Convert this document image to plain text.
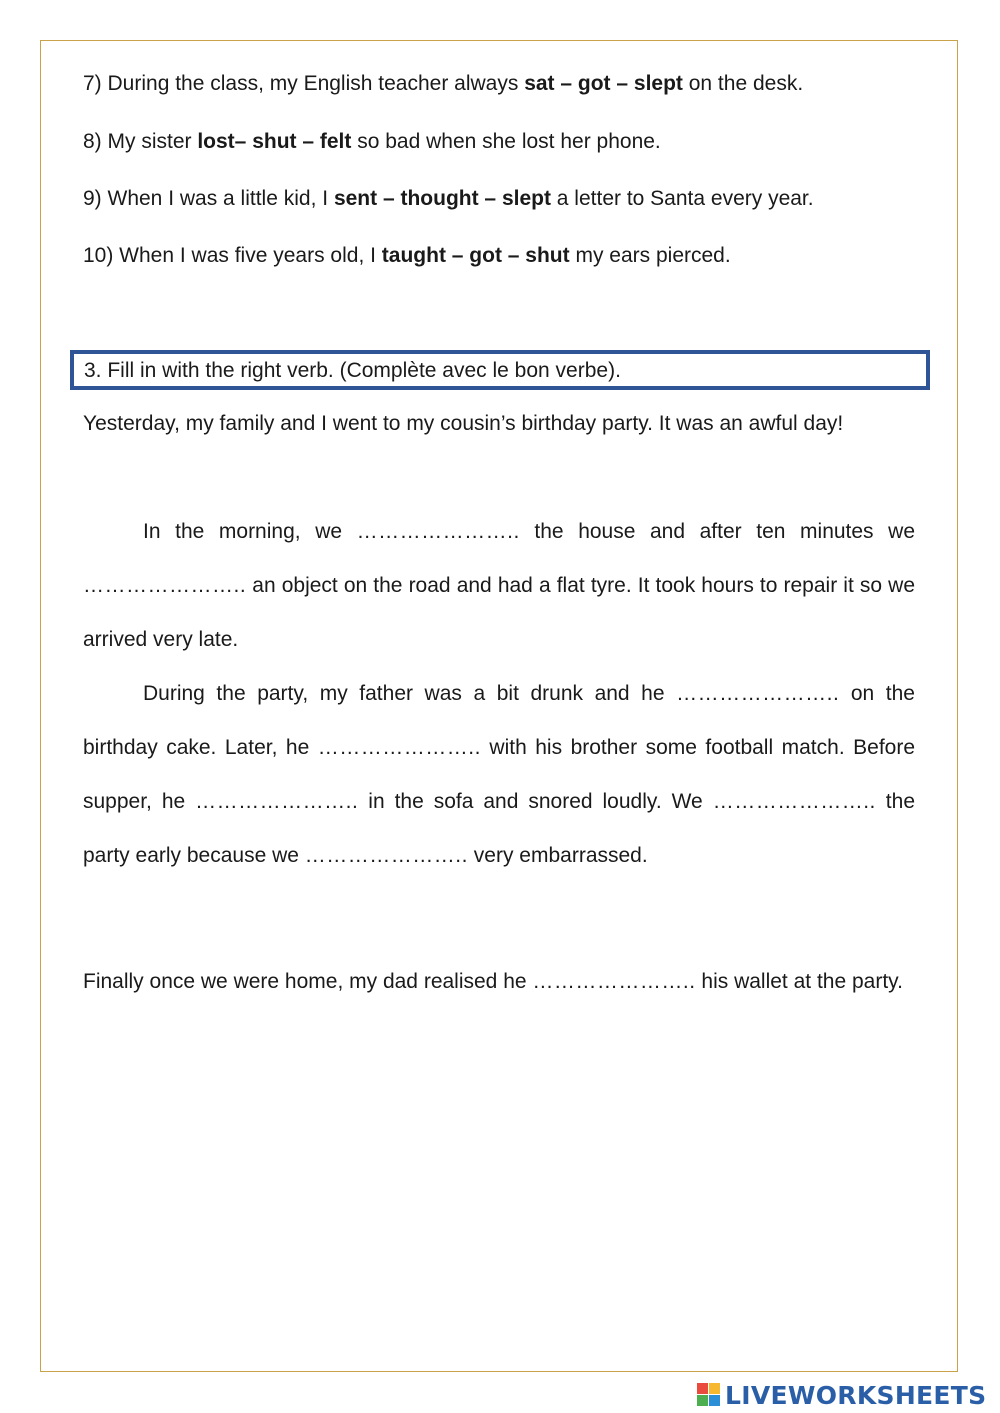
7) During the class, my English teacher always sat – got – slept on the desk.
8) My sister lost– shut – felt so bad when she lost her phone.
9) When I was a little kid, I sent – thought – slept a letter to Santa every year.
10) When I was five years old, I taught – got – shut my ears pierced.
3. Fill in with the right verb. (Complète avec le bon verbe).
Yesterday, my family and I went to my cousin’s birthday party. It was an awful day!
In the morning, we ………………….. the house and after ten minutes we ………………….. an object on the road and had a flat tyre. It took hours to repair it so we arrived very late.
During the party, my father was a bit drunk and he ………………….. on the birthday cake. Later, he ………………….. with his brother some football match. Before supper, he ………………….. in the sofa and snored loudly. We ………………….. the party early because we ………………….. very embarrassed.
Finally once we were home, my dad realised he ………………….. his wallet at the party.
LIVEWORKSHEETS
